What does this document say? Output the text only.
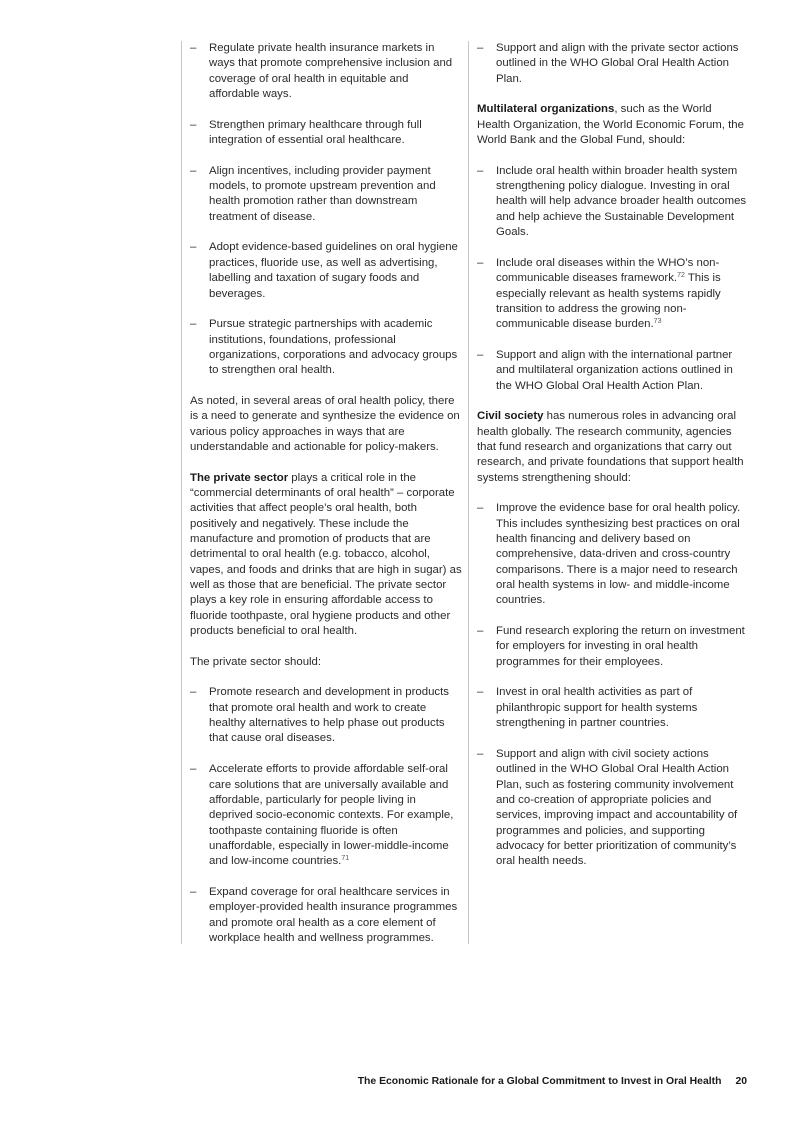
– Regulate private health insurance markets in ways that promote comprehensive inclusion and coverage of oral health in equitable and affordable ways.
– Strengthen primary healthcare through full integration of essential oral healthcare.
– Align incentives, including provider payment models, to promote upstream prevention and health promotion rather than downstream treatment of disease.
– Adopt evidence-based guidelines on oral hygiene practices, fluoride use, as well as advertising, labelling and taxation of sugary foods and beverages.
– Pursue strategic partnerships with academic institutions, foundations, professional organizations, corporations and advocacy groups to strengthen oral health.

As noted, in several areas of oral health policy, there is a need to generate and synthesize the evidence on various policy approaches in ways that are understandable and actionable for policy-makers.

The private sector plays a critical role in the “commercial determinants of oral health” – corporate activities that affect people’s oral health, both positively and negatively. These include the manufacture and promotion of products that are detrimental to oral health (e.g. tobacco, alcohol, vapes, and foods and drinks that are high in sugar) as well as those that are beneficial. The private sector plays a key role in ensuring affordable access to fluoride toothpaste, oral hygiene products and other products beneficial to oral health.

The private sector should:

– Promote research and development in products that promote oral health and work to create healthy alternatives to help phase out products that cause oral diseases.
– Accelerate efforts to provide affordable self-oral care solutions that are universally available and affordable, particularly for people living in deprived socio-economic contexts. For example, toothpaste containing fluoride is often unaffordable, especially in lower-middle-income and low-income countries.$^{71}$
– Expand coverage for oral healthcare services in employer-provided health insurance programmes and promote oral health as a core element of workplace health and wellness programmes.
– Support and align with the private sector actions outlined in the WHO Global Oral Health Action Plan.

Multilateral organizations, such as the World Health Organization, the World Economic Forum, the World Bank and the Global Fund, should:

– Include oral health within broader health system strengthening policy dialogue. Investing in oral health will help advance broader health outcomes and help achieve the Sustainable Development Goals.
– Include oral diseases within the WHO’s non-communicable diseases framework.$^{72}$ This is especially relevant as health systems rapidly transition to address the growing non-communicable disease burden.$^{73}$
– Support and align with the international partner and multilateral organization actions outlined in the WHO Global Oral Health Action Plan.

Civil society has numerous roles in advancing oral health globally. The research community, agencies that fund research and organizations that carry out research, and private foundations that support health systems strengthening should:

– Improve the evidence base for oral health policy. This includes synthesizing best practices on oral health financing and delivery based on comprehensive, data-driven and cross-country comparisons. There is a major need to research oral health systems in low- and middle-income countries.
– Fund research exploring the return on investment for employers for investing in oral health programmes for their employees.
– Invest in oral health activities as part of philanthropic support for health systems strengthening in partner countries.
– Support and align with civil society actions outlined in the WHO Global Oral Health Action Plan, such as fostering community involvement and co-creation of appropriate policies and services, improving impact and accountability of programmes and policies, and supporting advocacy for better prioritization of community’s oral health needs.
The Economic Rationale for a Global Commitment to Invest in Oral Health 20
